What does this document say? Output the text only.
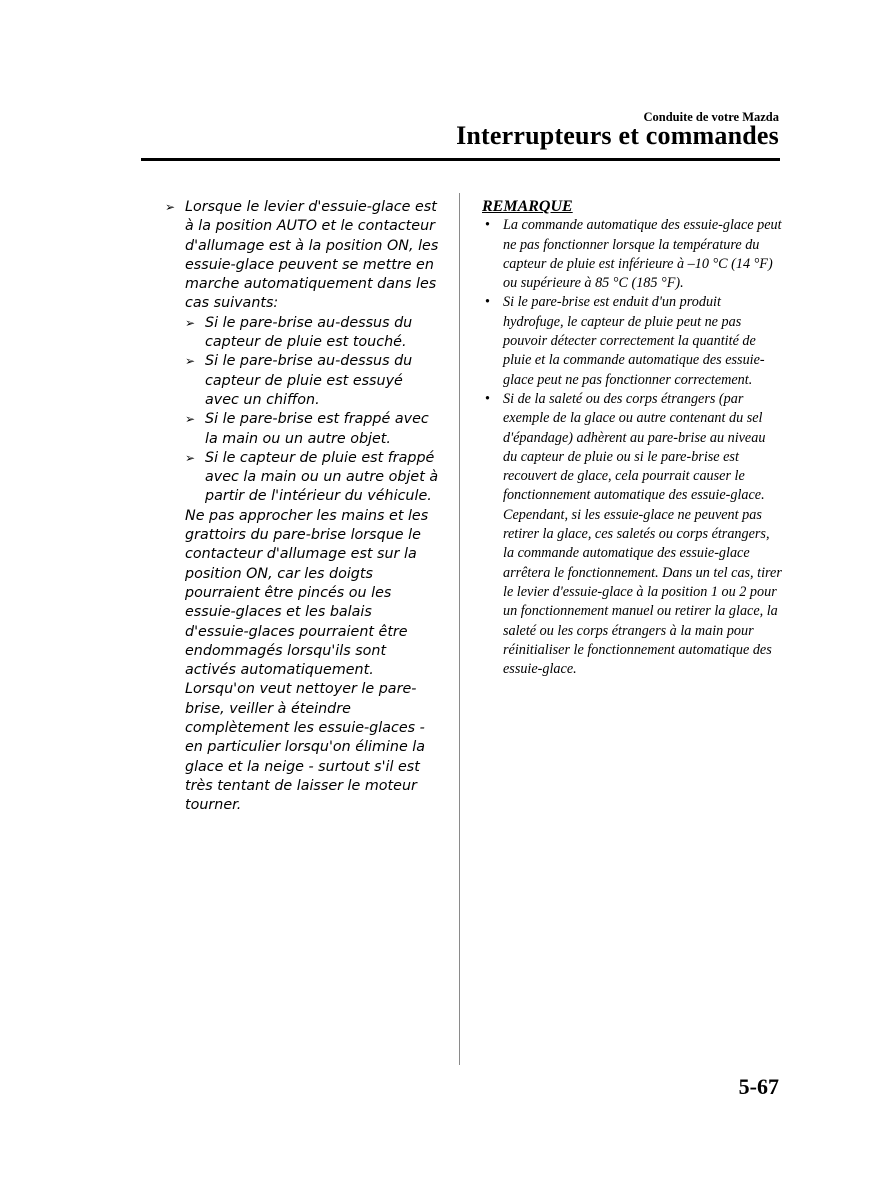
Conduite de votre Mazda
Interrupteurs et commandes
➢ Lorsque le levier d'essuie-glace est à la position AUTO et le contacteur d'allumage est à la position ON, les essuie-glace peuvent se mettre en marche automatiquement dans les cas suivants:
➢ Si le pare-brise au-dessus du capteur de pluie est touché.
➢ Si le pare-brise au-dessus du capteur de pluie est essuyé avec un chiffon.
➢ Si le pare-brise est frappé avec la main ou un autre objet.
➢ Si le capteur de pluie est frappé avec la main ou un autre objet à partir de l'intérieur du véhicule.

Ne pas approcher les mains et les grattoirs du pare-brise lorsque le contacteur d'allumage est sur la position ON, car les doigts pourraient être pincés ou les essuie-glaces et les balais d'essuie-glaces pourraient être endommagés lorsqu'ils sont activés automatiquement.

Lorsqu'on veut nettoyer le pare-brise, veiller à éteindre complètement les essuie-glaces - en particulier lorsqu'on élimine la glace et la neige - surtout s'il est très tentant de laisser le moteur tourner.

REMARQUE
• La commande automatique des essuie-glace peut ne pas fonctionner lorsque la température du capteur de pluie est inférieure à –10 °C (14 °F) ou supérieure à 85 °C (185 °F).
• Si le pare-brise est enduit d'un produit hydrofuge, le capteur de pluie peut ne pas pouvoir détecter correctement la quantité de pluie et la commande automatique des essuie-glace peut ne pas fonctionner correctement.
• Si de la saleté ou des corps étrangers (par exemple de la glace ou autre contenant du sel d'épandage) adhèrent au pare-brise au niveau du capteur de pluie ou si le pare-brise est recouvert de glace, cela pourrait causer le fonctionnement automatique des essuie-glace. Cependant, si les essuie-glace ne peuvent pas retirer la glace, ces saletés ou corps étrangers, la commande automatique des essuie-glace arrêtera le fonctionnement. Dans un tel cas, tirer le levier d'essuie-glace à la position 1 ou 2 pour un fonctionnement manuel ou retirer la glace, la saleté ou les corps étrangers à la main pour réinitialiser le fonctionnement automatique des essuie-glace.
5-67
